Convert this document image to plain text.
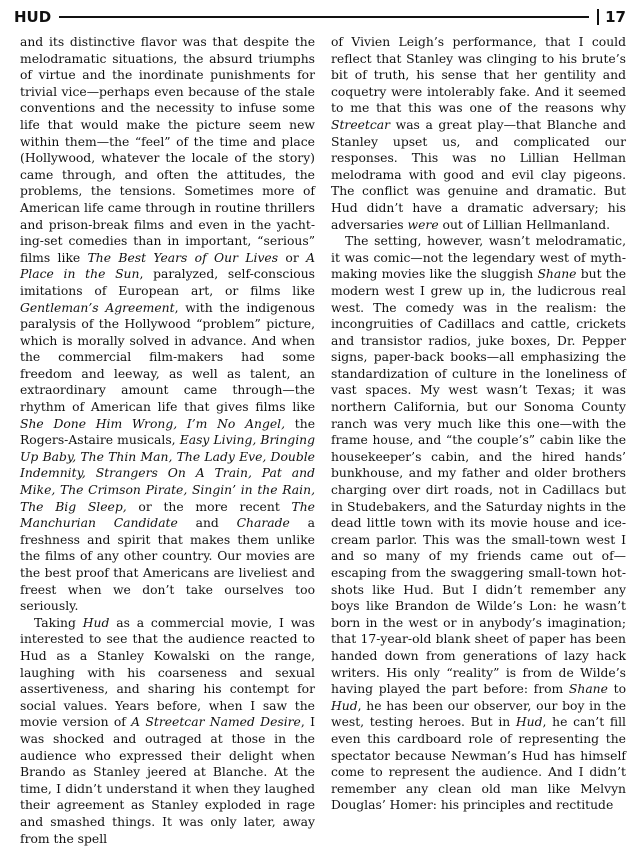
HUD	17

and its distinctive flavor was that despite the melodramatic situations, the absurd triumphs of virtue and the inordinate punishments for trivial vice—perhaps even because of the stale conventions and the necessity to infuse some life that would make the picture seem new within them—the “feel” of the time and place (Hollywood, whatever the locale of the story) came through, and often the attitudes, the problems, the tensions. Sometimes more of American life came through in routine thrillers and prison-break films and even in the yacht-ing-set comedies than in important, “serious” films like The Best Years of Our Lives or A Place in the Sun, paralyzed, self-conscious imitations of European art, or films like Gentleman’s Agreement, with the indigenous paralysis of the Hollywood “problem” picture, which is morally solved in advance. And when the commercial film-makers had some freedom and leeway, as well as talent, an extraordinary amount came through—the rhythm of American life that gives films like She Done Him Wrong, I’m No Angel, the Rogers-Astaire musicals, Easy Living, Bringing Up Baby, The Thin Man, The Lady Eve, Double Indemnity, Strangers On A Train, Pat and Mike, The Crimson Pirate, Singin’ in the Rain, The Big Sleep, or the more recent The Manchurian Candidate and Charade a freshness and spirit that makes them unlike the films of any other country. Our movies are the best proof that Americans are liveliest and freest when we don’t take ourselves too seriously.

Taking Hud as a commercial movie, I was interested to see that the audience reacted to Hud as a Stanley Kowalski on the range, laughing with his coarseness and sexual assertiveness, and sharing his contempt for social values. Years before, when I saw the movie version of A Streetcar Named Desire, I was shocked and outraged at those in the audience who expressed their delight when Brando as Stanley jeered at Blanche. At the time, I didn’t understand it when they laughed their agreement as Stanley exploded in rage and smashed things. It was only later, away from the spell

of Vivien Leigh’s performance, that I could reflect that Stanley was clinging to his brute’s bit of truth, his sense that her gentility and coquetry were intolerably fake. And it seemed to me that this was one of the reasons why Streetcar was a great play—that Blanche and Stanley upset us, and complicated our responses. This was no Lillian Hellman melodrama with good and evil clay pigeons. The conflict was genuine and dramatic. But Hud didn’t have a dramatic adversary; his adversaries were out of Lillian Hellmanland.

The setting, however, wasn’t melodramatic, it was comic—not the legendary west of myth-making movies like the sluggish Shane but the modern west I grew up in, the ludicrous real west. The comedy was in the realism: the incongruities of Cadillacs and cattle, crickets and transistor radios, juke boxes, Dr. Pepper signs, paper-back books—all emphasizing the standardization of culture in the loneliness of vast spaces. My west wasn’t Texas; it was northern California, but our Sonoma County ranch was very much like this one—with the frame house, and “the couple’s” cabin like the housekeeper’s cabin, and the hired hands’ bunkhouse, and my father and older brothers charging over dirt roads, not in Cadillacs but in Studebakers, and the Saturday nights in the dead little town with its movie house and ice-cream parlor. This was the small-town west I and so many of my friends came out of—escaping from the swaggering small-town hot-shots like Hud. But I didn’t remember any boys like Brandon de Wilde’s Lon: he wasn’t born in the west or in anybody’s imagination; that 17-year-old blank sheet of paper has been handed down from generations of lazy hack writers. His only “reality” is from de Wilde’s having played the part before: from Shane to Hud, he has been our observer, our boy in the west, testing heroes. But in Hud, he can’t fill even this cardboard role of representing the spectator because Newman’s Hud has himself come to represent the audience. And I didn’t remember any clean old man like Melvyn Douglas’ Homer: his principles and rectitude
